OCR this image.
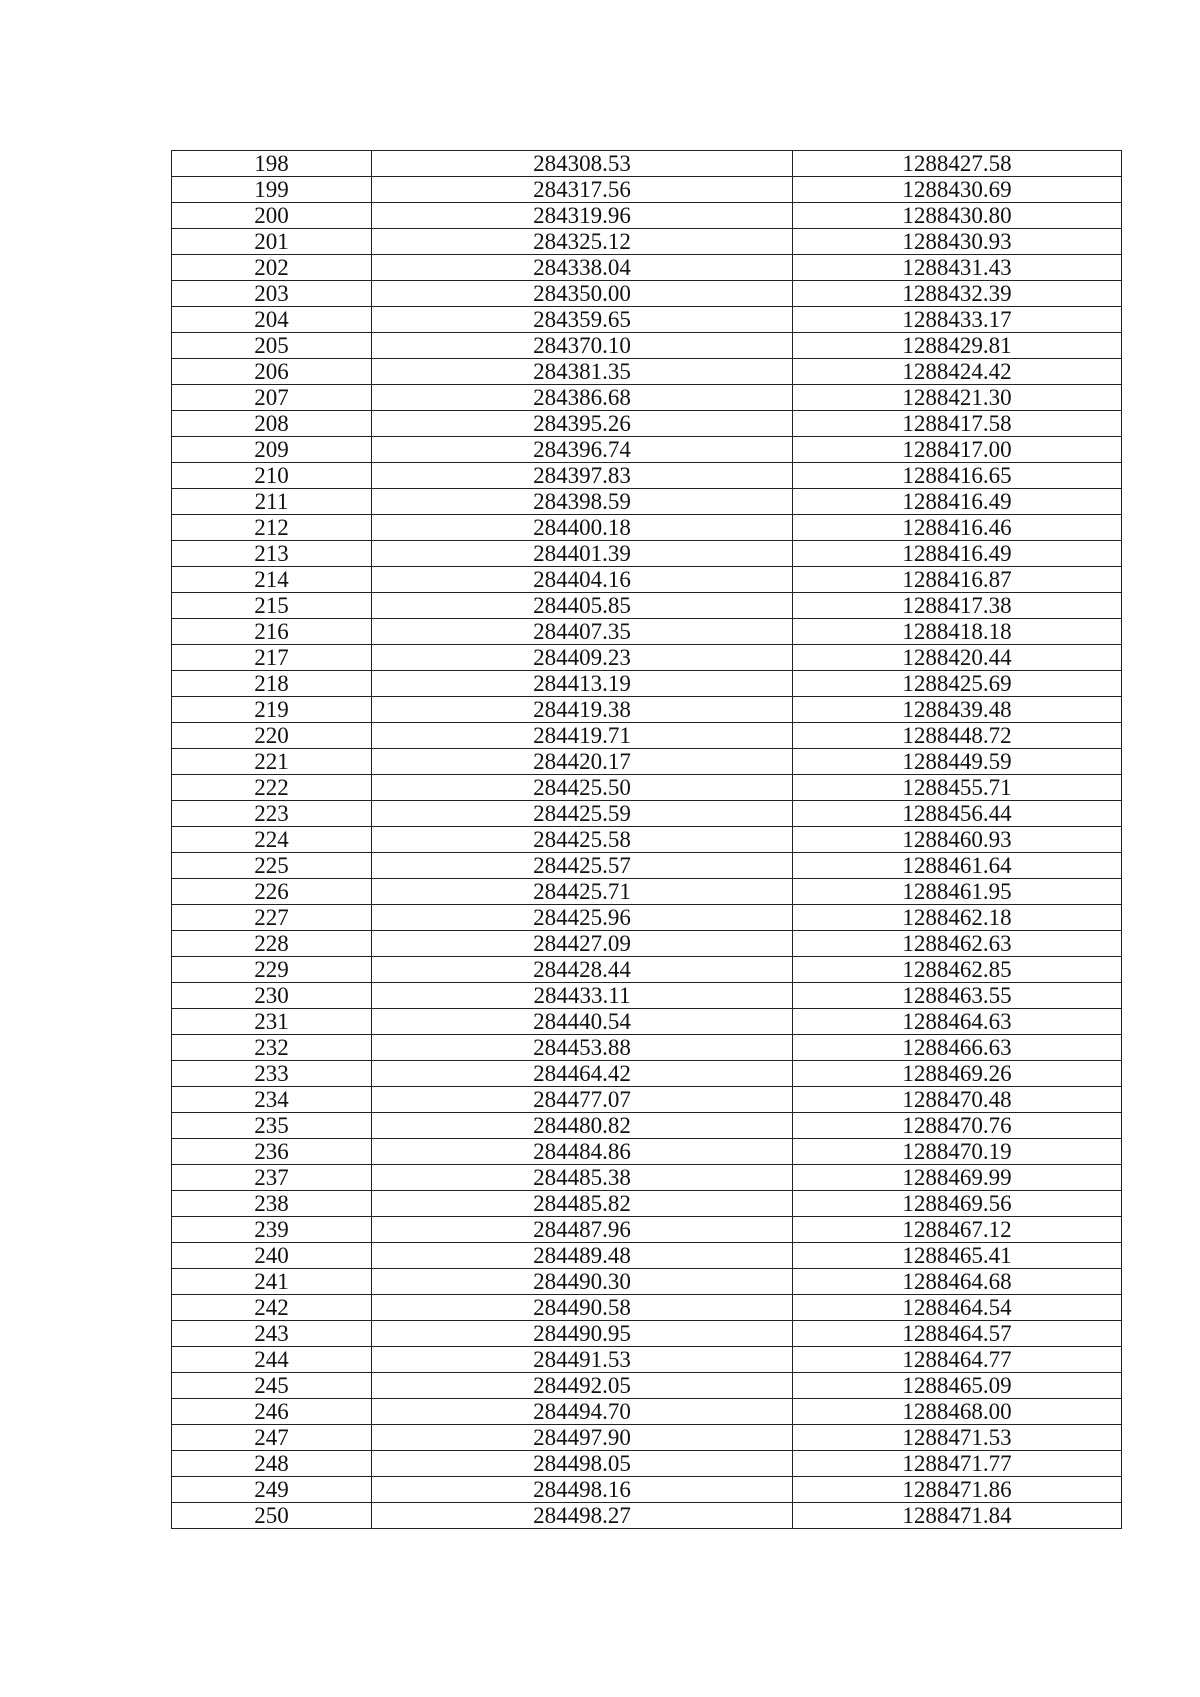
198	284308.53	1288427.58
199	284317.56	1288430.69
200	284319.96	1288430.80
201	284325.12	1288430.93
202	284338.04	1288431.43
203	284350.00	1288432.39
204	284359.65	1288433.17
205	284370.10	1288429.81
206	284381.35	1288424.42
207	284386.68	1288421.30
208	284395.26	1288417.58
209	284396.74	1288417.00
210	284397.83	1288416.65
211	284398.59	1288416.49
212	284400.18	1288416.46
213	284401.39	1288416.49
214	284404.16	1288416.87
215	284405.85	1288417.38
216	284407.35	1288418.18
217	284409.23	1288420.44
218	284413.19	1288425.69
219	284419.38	1288439.48
220	284419.71	1288448.72
221	284420.17	1288449.59
222	284425.50	1288455.71
223	284425.59	1288456.44
224	284425.58	1288460.93
225	284425.57	1288461.64
226	284425.71	1288461.95
227	284425.96	1288462.18
228	284427.09	1288462.63
229	284428.44	1288462.85
230	284433.11	1288463.55
231	284440.54	1288464.63
232	284453.88	1288466.63
233	284464.42	1288469.26
234	284477.07	1288470.48
235	284480.82	1288470.76
236	284484.86	1288470.19
237	284485.38	1288469.99
238	284485.82	1288469.56
239	284487.96	1288467.12
240	284489.48	1288465.41
241	284490.30	1288464.68
242	284490.58	1288464.54
243	284490.95	1288464.57
244	284491.53	1288464.77
245	284492.05	1288465.09
246	284494.70	1288468.00
247	284497.90	1288471.53
248	284498.05	1288471.77
249	284498.16	1288471.86
250	284498.27	1288471.84
